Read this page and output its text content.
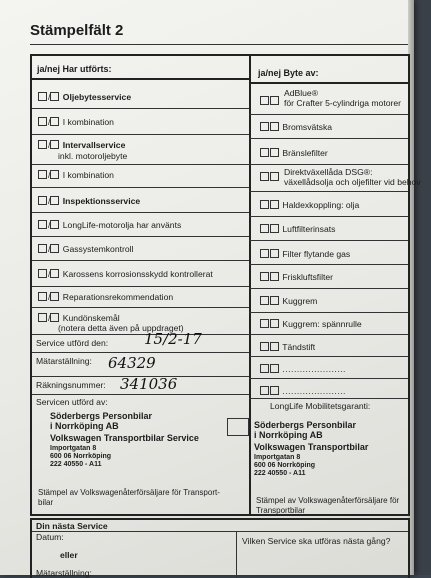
Stämpelfält 2
ja/nej Har utförts:	ja/nej Byte av:
/ Oljebytesservice
/ I kombination
/ Intervallservice
inkl. motoroljebyte
/ I kombination
/ Inspektionsservice
/ LongLife-motorolja har använts
/ Gassystemkontroll
/ Karossens korrosionsskydd kontrollerat
/ Reparationsrekommendation
/ Kundönskemål
(notera detta även på uppdraget)
Service utförd den: 15/2-17
Mätarställning: 64329
Räkningsnummer: 341036
Servicen utförd av:
Söderbergs Personbilar
i Norrköping AB
Volkswagen Transportbilar Service
Importgatan 8
600 06 Norrköping
222 40550 - A11
Stämpel av Volkswagenåterförsäljare för Transport-
bilar
AdBlue®
för Crafter 5-cylindriga motorer
Bromsvätska
Bränslefilter
Direktväxellåda DSG®:
växellådsolja och oljefilter vid behov
Haldexkoppling: olja
Luftfilterinsats
Filter flytande gas
Friskluftsfilter
Kuggrem
Kuggrem: spännrulle
Tändstift
......................
......................
LongLife Mobilitetsgaranti:
Söderbergs Personbilar
i Norrköping AB
Volkswagen Transportbilar
Importgatan 8
600 06 Norrköping
222 40550 - A11
Stämpel av Volkswagenåterförsäljare för
Transportbilar
Din nästa Service
Datum:
eller
Mätarställning:
Vilken Service ska utföras nästa gång?
